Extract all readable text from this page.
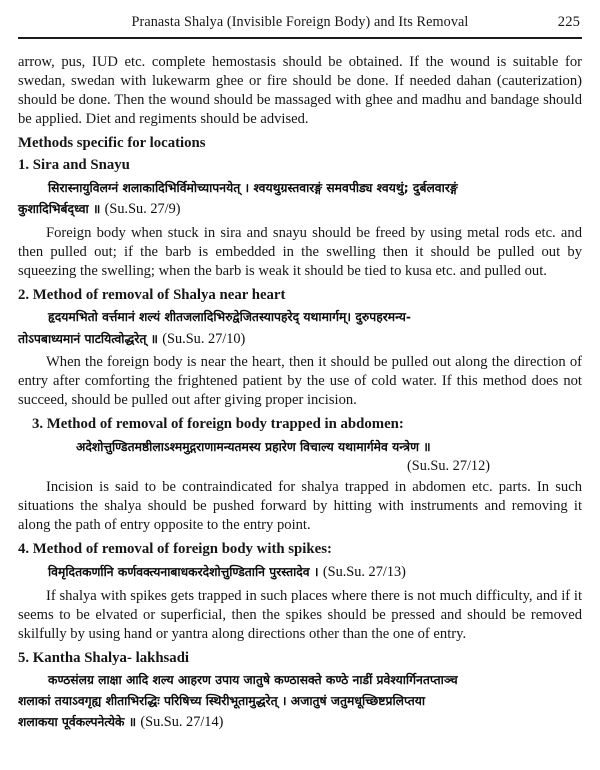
Pranasta Shalya (Invisible Foreign Body) and Its Removal	225

arrow, pus, IUD etc. complete hemostasis should be obtained. If the wound is suitable for swedan, swedan with lukewarm ghee or fire should be done. If needed dahan (cauterization) should be done. Then the wound should be massaged with ghee and madhu and bandage should be applied. Diet and regiments should be advised.

Methods specific for locations
1. Sira and Snayu
सिरास्नायुविलग्नं शलाकादिभिर्विमोच्यापनयेत् । श्वयथुग्रस्तवारङ्गं समवपीड्य श्वयथुं; दुर्बलवारङ्गं
कुशादिभिर्बद्ध्वा ॥ (Su.Su. 27/9)

Foreign body when stuck in sira and snayu should be freed by using metal rods etc. and then pulled out; if the barb is embedded in the swelling then it should be pulled out by squeezing the swelling; when the barb is weak it should be tied to kusa etc. and pulled out.

2. Method of removal of Shalya near heart
हृदयमभितो वर्त्तमानं शल्यं शीतजलादिभिरुद्वेजितस्यापहरेद् यथामार्गम्। दुरुपहरमन्य-
तोऽपबाध्यमानं पाटयित्वोद्धरेत् ॥ (Su.Su. 27/10)

When the foreign body is near the heart, then it should be pulled out along the direction of entry after comforting the frightened patient by the use of cold water. If this method does not succeed, should be pulled out after giving proper incision.

3. Method of removal of foreign body trapped in abdomen:
अदेशोत्तुण्डितमष्ठीलाऽश्ममुद्गराणामन्यतमस्य प्रहारेण विचाल्य यथामार्गमेव यन्त्रेण ॥
(Su.Su. 27/12)

Incision is said to be contraindicated for shalya trapped in abdomen etc. parts. In such situations the shalya should be pushed forward by hitting with instruments and removing it along the path of entry opposite to the entry point.

4. Method of removal of foreign body with spikes:
विमृदितकर्णानि कर्णवक्त्यनाबाधकरदेशोत्तुण्डितानि पुरस्तादेव । (Su.Su. 27/13)

If shalya with spikes gets trapped in such places where there is not much difficulty, and if it seems to be elvated or superficial, then the spikes should be pressed and should be removed skilfully by using hand or yantra along directions other than the one of entry.

5. Kantha Shalya- lakhsadi
कण्ठसंलग्र लाक्षा आदि शल्य आहरण उपाय जातुषे कण्ठासक्ते कण्ठे नाडीं प्रवेश्यार्गिनतप्ताञ्च
शलाकां तयाऽवगृह्य शीताभिरद्धिः परिषिच्य स्थिरीभूतामुद्धरेत् । अजातुषं जतुमधूच्छिष्टप्रलिप्तया
शलाकया पूर्वकल्पनेत्येके ॥ (Su.Su. 27/14)
